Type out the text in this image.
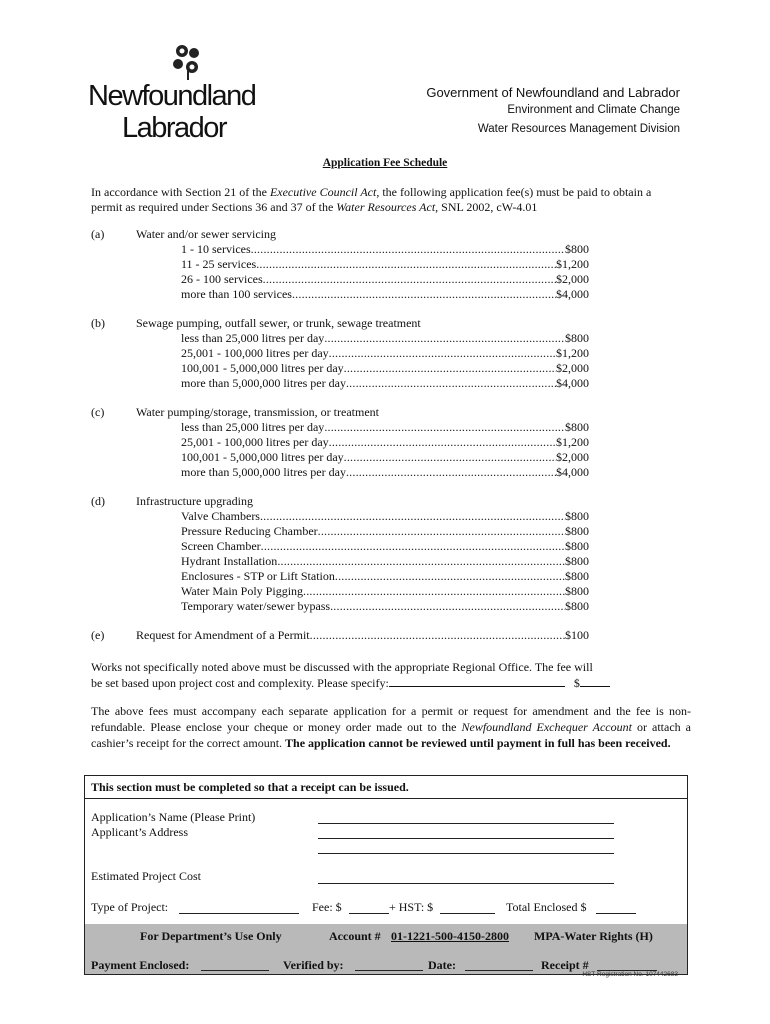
Newfoundland
Labrador
Government of Newfoundland and Labrador
Environment and Climate Change
Water Resources Management Division
Application Fee Schedule
In accordance with Section 21 of the Executive Council Act, the following application fee(s) must be paid to obtain a permit as required under Sections 36 and 37 of the Water Resources Act, SNL 2002, cW-4.01
(a)	Water and/or sewer servicing
1 - 10 services .....	$800
11 - 25 services .....	$1,200
26 - 100 services .....	$2,000
more than 100 services .....	$4,000
(b)	Sewage pumping, outfall sewer, or trunk, sewage treatment
less than 25,000 litres per day .....	$800
25,001 - 100,000 litres per day .....	$1,200
100,001 - 5,000,000 litres per day .....	$2,000
more than 5,000,000 litres per day .....	$4,000
(c)	Water pumping/storage, transmission, or treatment
less than 25,000 litres per day .....	$800
25,001 - 100,000 litres per day .....	$1,200
100,001 - 5,000,000 litres per day .....	$2,000
more than 5,000,000 litres per day .....	$4,000
(d)	Infrastructure upgrading
Valve Chambers .....	$800
Pressure Reducing Chamber .....	$800
Screen Chamber .....	$800
Hydrant Installation .....	$800
Enclosures - STP or Lift Station .....	$800
Water Main Poly Pigging .....	$800
Temporary water/sewer bypass .....	$800
(e)	Request for Amendment of a Permit .....	$100
Works not specifically noted above must be discussed with the appropriate Regional Office. The fee will
be set based upon project cost and complexity. Please specify:	$
The above fees must accompany each separate application for a permit or request for amendment and the fee is non-refundable. Please enclose your cheque or money order made out to the Newfoundland Exchequer Account or attach a cashier’s receipt for the correct amount. The application cannot be reviewed until payment in full has been received.
This section must be completed so that a receipt can be issued.
Application’s Name (Please Print)
Applicant’s Address
Estimated Project Cost
Type of Project:	Fee: $	+ HST: $	Total Enclosed $
For Department’s Use Only	Account # 01-1221-500-4150-2800 MPA-Water Rights (H)
Payment Enclosed:	Verified by:	Date:	Receipt #
HST Registration No. 107442683
